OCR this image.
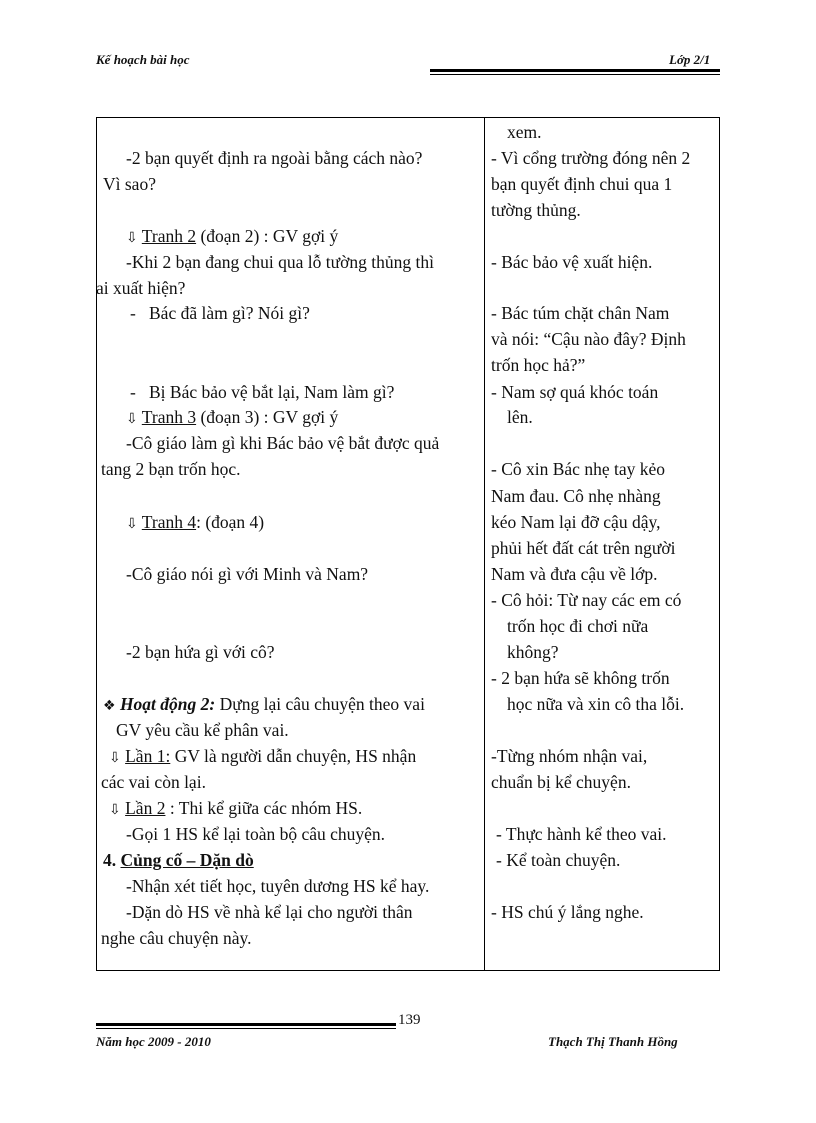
Kế hoạch bài học	Lớp 2/1
-2 bạn quyết định ra ngoài bằng cách nào?
Vì sao?
⇩ Tranh 2 (đoạn 2) : GV gợi ý
-Khi 2 bạn đang chui qua lỗ tường thủng thì
ai xuất hiện?
- Bác đã làm gì? Nói gì?
- Bị Bác bảo vệ bắt lại, Nam làm gì?
⇩ Tranh 3 (đoạn 3) : GV gợi ý
-Cô giáo làm gì khi Bác bảo vệ bắt được quả
tang 2 bạn trốn học.
⇩ Tranh 4: (đoạn 4)
-Cô giáo nói gì với Minh và Nam?
-2 bạn hứa gì với cô?
❖ Hoạt động 2: Dựng lại câu chuyện theo vai
GV yêu cầu kể phân vai.
⇩ Lần 1: GV là người dẫn chuyện, HS nhận
các vai còn lại.
⇩ Lần 2 : Thi kể giữa các nhóm HS.
-Gọi 1 HS kể lại toàn bộ câu chuyện.
4. Củng cố – Dặn dò
-Nhận xét tiết học, tuyên dương HS kể hay.
-Dặn dò HS về nhà kể lại cho người thân
nghe câu chuyện này.
xem.
- Vì cổng trường đóng nên 2
bạn quyết định chui qua 1
tường thủng.
- Bác bảo vệ xuất hiện.
- Bác túm chặt chân Nam
và nói: “Cậu nào đây? Định
trốn học hả?”
- Nam sợ quá khóc toán
lên.
- Cô xin Bác nhẹ tay kẻo
Nam đau. Cô nhẹ nhàng
kéo Nam lại đỡ cậu dậy,
phủi hết đất cát trên người
Nam và đưa cậu về lớp.
- Cô hỏi: Từ nay các em có
trốn học đi chơi nữa
không?
- 2 bạn hứa sẽ không trốn
học nữa và xin cô tha lỗi.
-Từng nhóm nhận vai,
chuẩn bị kể chuyện.
- Thực hành kể theo vai.
- Kể toàn chuyện.
- HS chú ý lắng nghe.
139
Năm học 2009 - 2010	Thạch Thị Thanh Hồng
